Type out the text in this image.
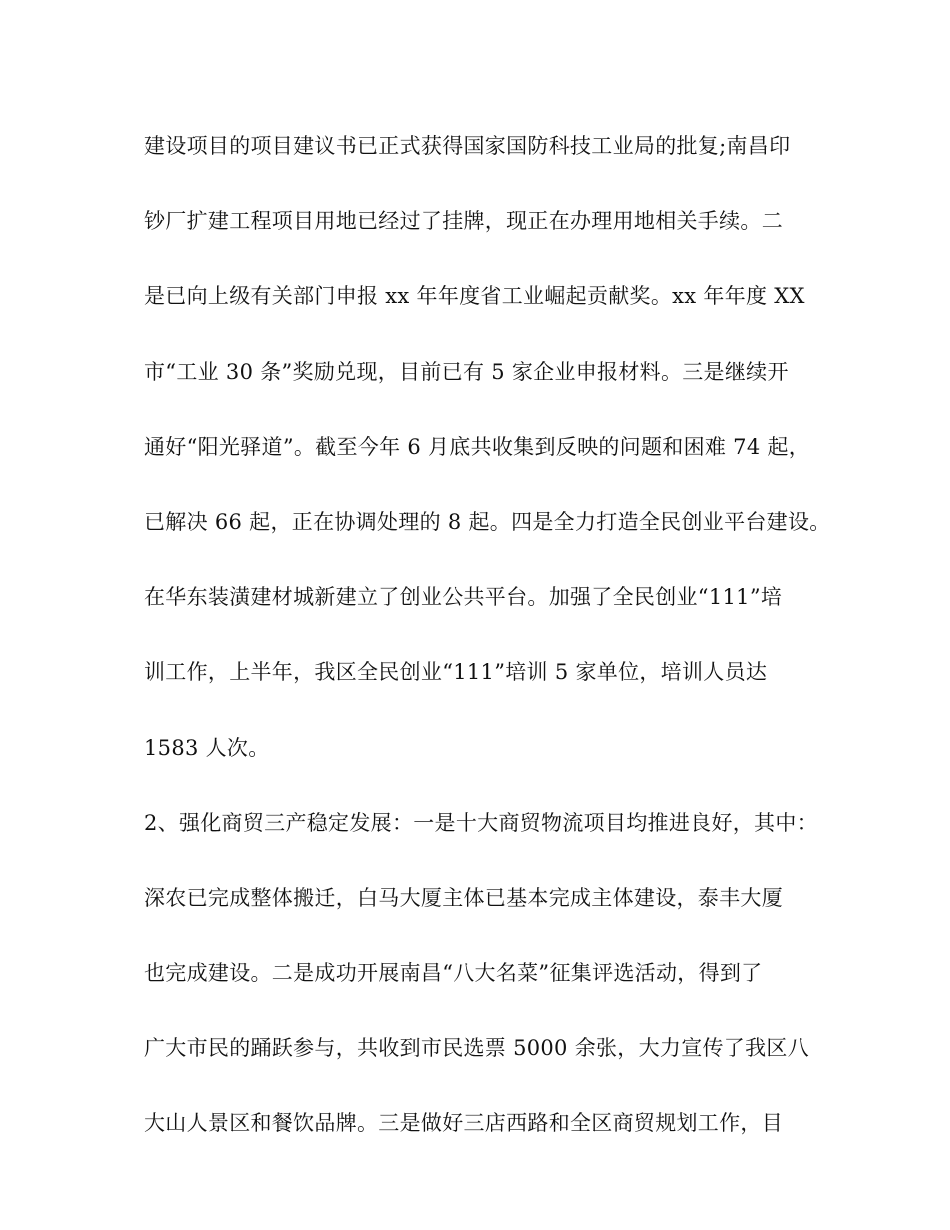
建设项目的项目建议书已正式获得国家国防科技工业局的批复;南昌印

钞厂扩建工程项目用地已经过了挂牌，现正在办理用地相关手续。二

是已向上级有关部门申报 xx 年年度省工业崛起贡献奖。xx 年年度 XX

市“工业 30 条”奖励兑现，目前已有 5 家企业申报材料。三是继续开

通好“阳光驿道”。截至今年 6 月底共收集到反映的问题和困难 74 起，

已解决 66 起，正在协调处理的 8 起。四是全力打造全民创业平台建设。

在华东装潢建材城新建立了创业公共平台。加强了全民创业“111”培

训工作，上半年，我区全民创业“111”培训 5 家单位，培训人员达

1583 人次。

2、强化商贸三产稳定发展：一是十大商贸物流项目均推进良好，其中：

深农已完成整体搬迁，白马大厦主体已基本完成主体建设，泰丰大厦

也完成建设。二是成功开展南昌“八大名菜”征集评选活动，得到了

广大市民的踊跃参与，共收到市民选票 5000 余张，大力宣传了我区八

大山人景区和餐饮品牌。三是做好三店西路和全区商贸规划工作，目
